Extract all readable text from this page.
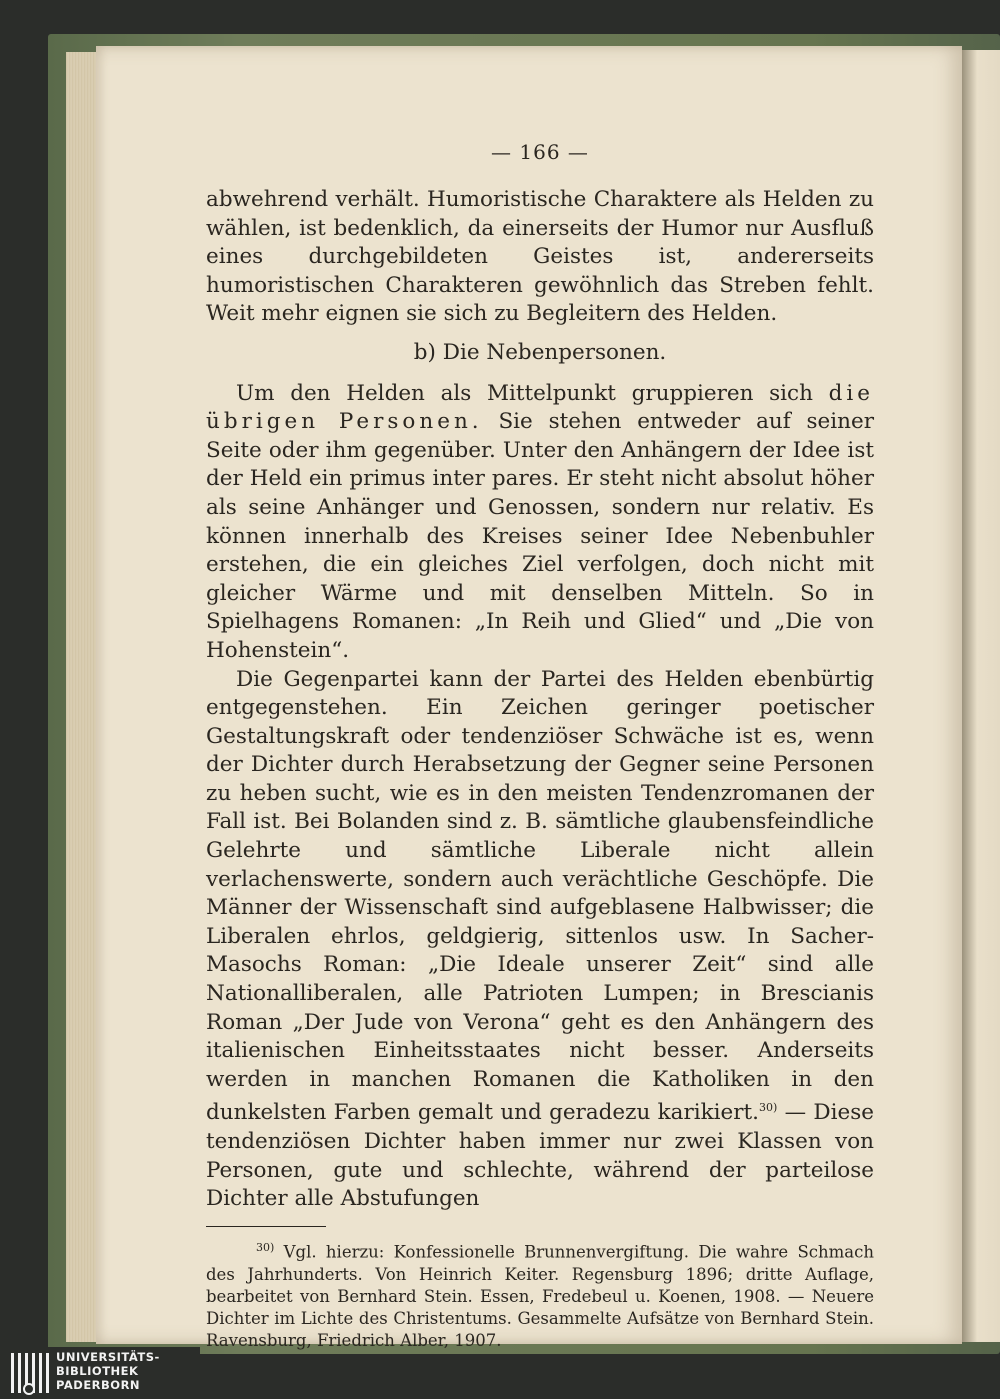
— 166 —

abwehrend verhält. Humoristische Charaktere als Helden zu wählen, ist bedenklich, da einerseits der Humor nur Ausfluß eines durchgebildeten Geistes ist, andererseits humoristischen Charakteren gewöhnlich das Streben fehlt. Weit mehr eignen sie sich zu Begleitern des Helden.

b) Die Nebenpersonen.

Um den Helden als Mittelpunkt gruppieren sich die übrigen Personen. Sie stehen entweder auf seiner Seite oder ihm gegenüber. Unter den Anhängern der Idee ist der Held ein primus inter pares. Er steht nicht absolut höher als seine Anhänger und Genossen, sondern nur relativ. Es können innerhalb des Kreises seiner Idee Nebenbuhler erstehen, die ein gleiches Ziel verfolgen, doch nicht mit gleicher Wärme und mit denselben Mitteln. So in Spielhagens Romanen: „In Reih und Glied“ und „Die von Hohenstein“.

Die Gegenpartei kann der Partei des Helden ebenbürtig entgegenstehen. Ein Zeichen geringer poetischer Gestaltungskraft oder tendenziöser Schwäche ist es, wenn der Dichter durch Herabsetzung der Gegner seine Personen zu heben sucht, wie es in den meisten Tendenzromanen der Fall ist. Bei Bolanden sind z. B. sämtliche glaubensfeindliche Gelehrte und sämtliche Liberale nicht allein verlachenswerte, sondern auch verächtliche Geschöpfe. Die Männer der Wissenschaft sind aufgeblasene Halbwisser; die Liberalen ehrlos, geldgierig, sittenlos usw. In Sacher-Masochs Roman: „Die Ideale unserer Zeit“ sind alle Nationalliberalen, alle Patrioten Lumpen; in Brescianis Roman „Der Jude von Verona“ geht es den Anhängern des italienischen Einheitsstaates nicht besser. Anderseits werden in manchen Romanen die Katholiken in den dunkelsten Farben gemalt und geradezu karikiert.$^{30)}$ — Diese tendenziösen Dichter haben immer nur zwei Klassen von Personen, gute und schlechte, während der parteilose Dichter alle Abstufungen

$^{30)}$ Vgl. hierzu: Konfessionelle Brunnenvergiftung. Die wahre Schmach des Jahrhunderts. Von Heinrich Keiter. Regensburg 1896; dritte Auflage, bearbeitet von Bernhard Stein. Essen, Fredebeul u. Koenen, 1908. — Neuere Dichter im Lichte des Christentums. Gesammelte Aufsätze von Bernhard Stein. Ravensburg, Friedrich Alber, 1907.

UNIVERSITÄTS-
BIBLIOTHEK
PADERBORN
